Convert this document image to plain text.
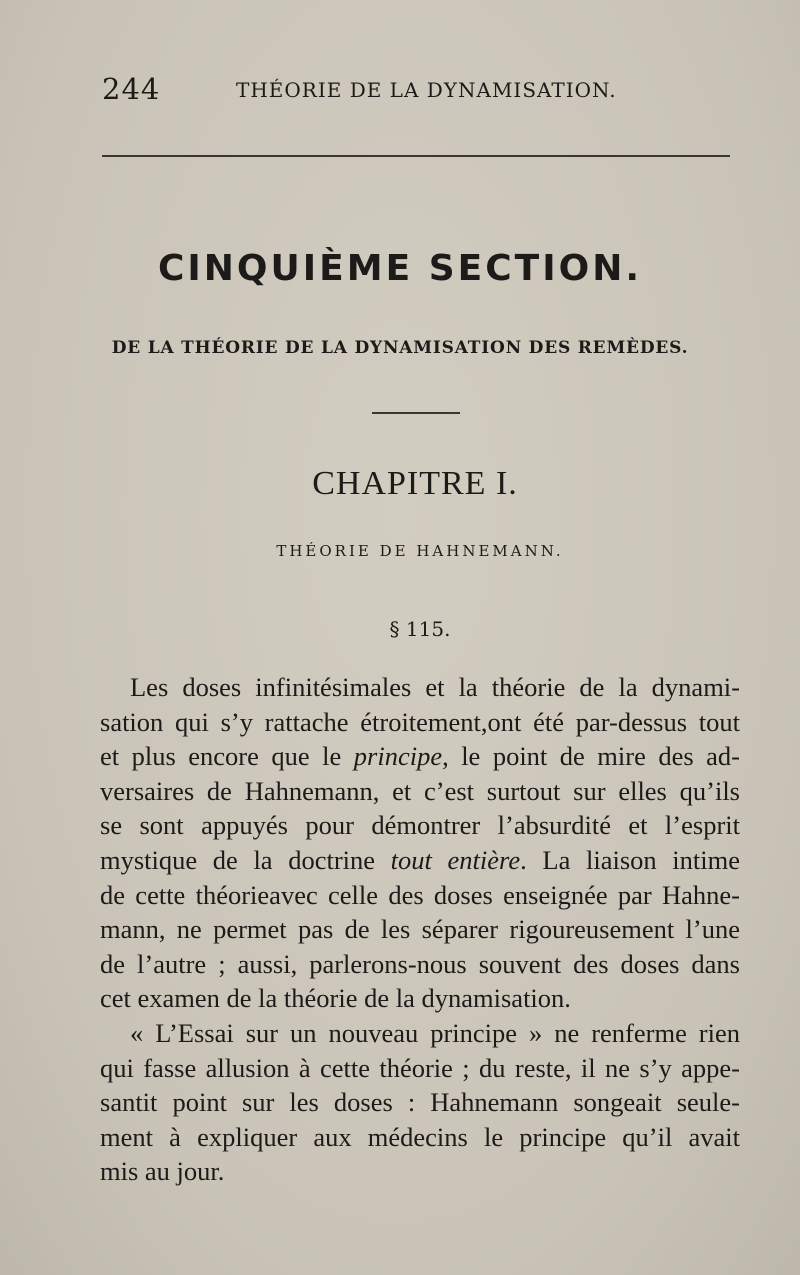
244	THÉORIE DE LA DYNAMISATION.
CINQUIÈME SECTION.
DE LA THÉORIE DE LA DYNAMISATION DES REMÈDES.
CHAPITRE I.
THÉORIE DE HAHNEMANN.
§ 115.
Les doses infinitésimales et la théorie de la dynami-
sation qui s’y rattache étroitement,ont été par-dessus tout
et plus encore que le principe, le point de mire des ad-
versaires de Hahnemann, et c’est surtout sur elles qu’ils
se sont appuyés pour démontrer l’absurdité et l’esprit
mystique de la doctrine tout entière. La liaison intime
de cette théorieavec celle des doses enseignée par Hahne-
mann, ne permet pas de les séparer rigoureusement l’une
de l’autre ; aussi, parlerons-nous souvent des doses dans
cet examen de la théorie de la dynamisation.
« L’Essai sur un nouveau principe » ne renferme rien
qui fasse allusion à cette théorie ; du reste, il ne s’y appe-
santit point sur les doses : Hahnemann songeait seule-
ment à expliquer aux médecins le principe qu’il avait
mis au jour.
